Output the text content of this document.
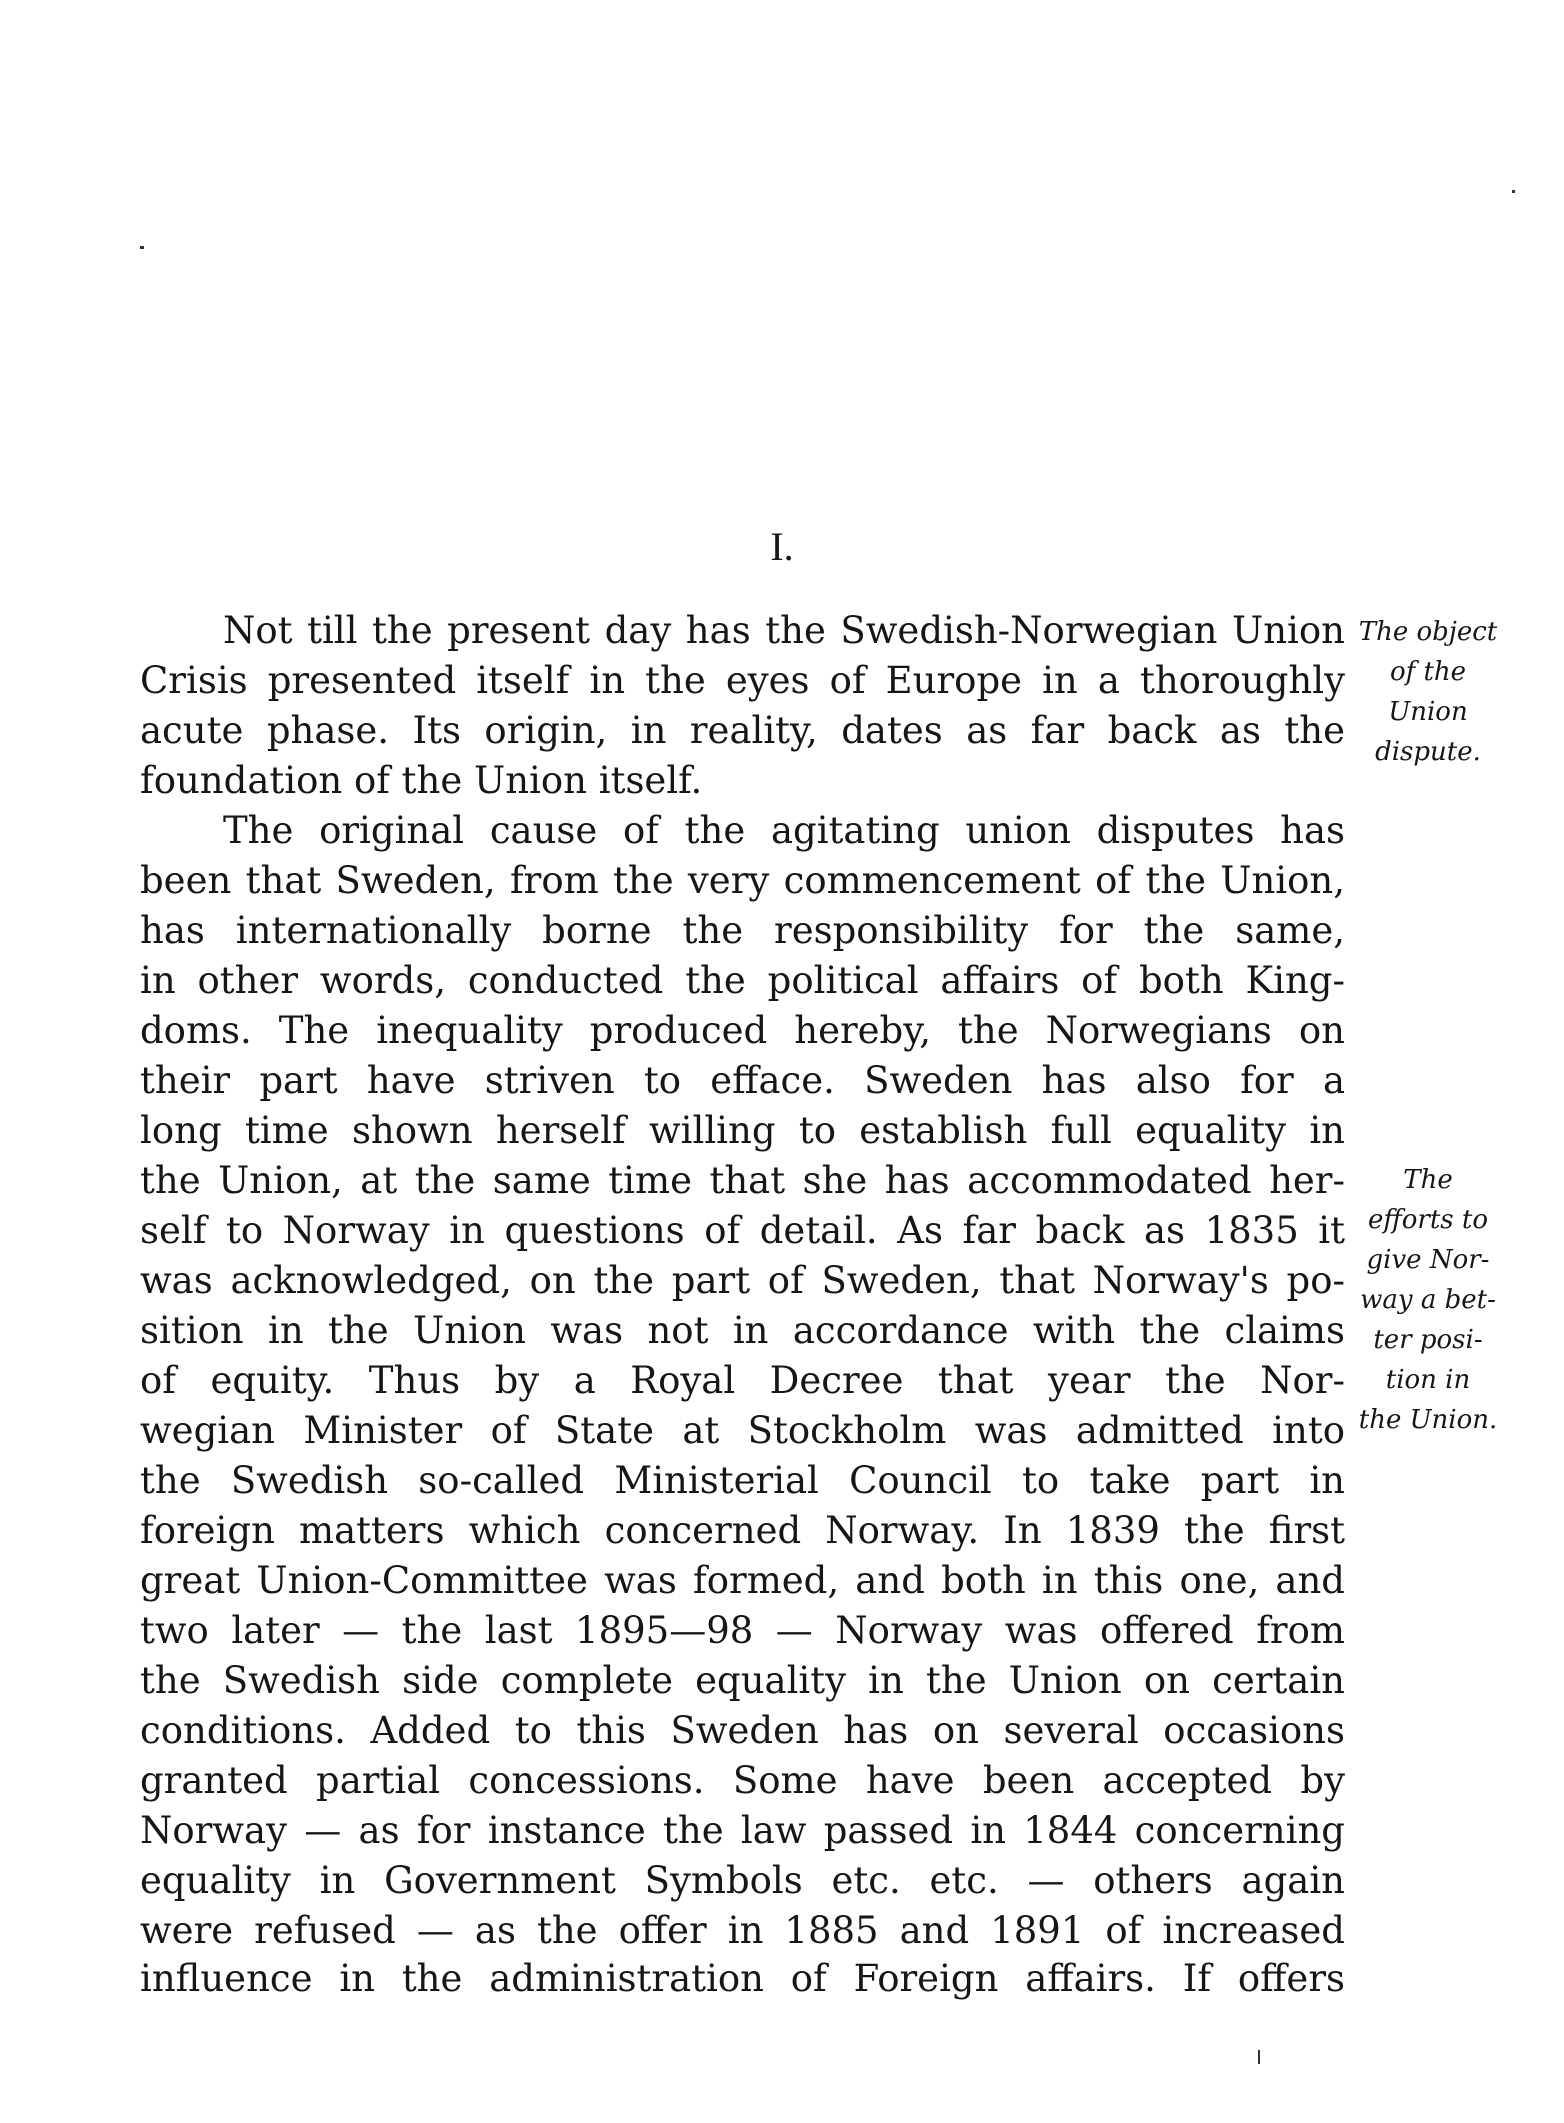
I.
Not till the present day has the Swedish-Norwegian Union
Crisis presented itself in the eyes of Europe in a thoroughly
acute phase. Its origin, in reality, dates as far back as the
foundation of the Union itself.
The original cause of the agitating union disputes has
been that Sweden, from the very commencement of the Union,
has internationally borne the responsibility for the same,
in other words, conducted the political affairs of both King-
doms. The inequality produced hereby, the Norwegians on
their part have striven to efface. Sweden has also for a
long time shown herself willing to establish full equality in
the Union, at the same time that she has accommodated her-
self to Norway in questions of detail. As far back as 1835 it
was acknowledged, on the part of Sweden, that Norway's po-
sition in the Union was not in accordance with the claims
of equity. Thus by a Royal Decree that year the Nor-
wegian Minister of State at Stockholm was admitted into
the Swedish so-called Ministerial Council to take part in
foreign matters which concerned Norway. In 1839 the first
great Union-Committee was formed, and both in this one, and
two later — the last 1895—98 — Norway was offered from
the Swedish side complete equality in the Union on certain
conditions. Added to this Sweden has on several occasions
granted partial concessions. Some have been accepted by
Norway — as for instance the law passed in 1844 concerning
equality in Government Symbols etc. etc. — others again
were refused — as the offer in 1885 and 1891 of increased
influence in the administration of Foreign affairs. If offers
The object
of the
Union
dispute.
The
efforts to
give Nor-
way a bet-
ter posi-
tion in
the Union.
